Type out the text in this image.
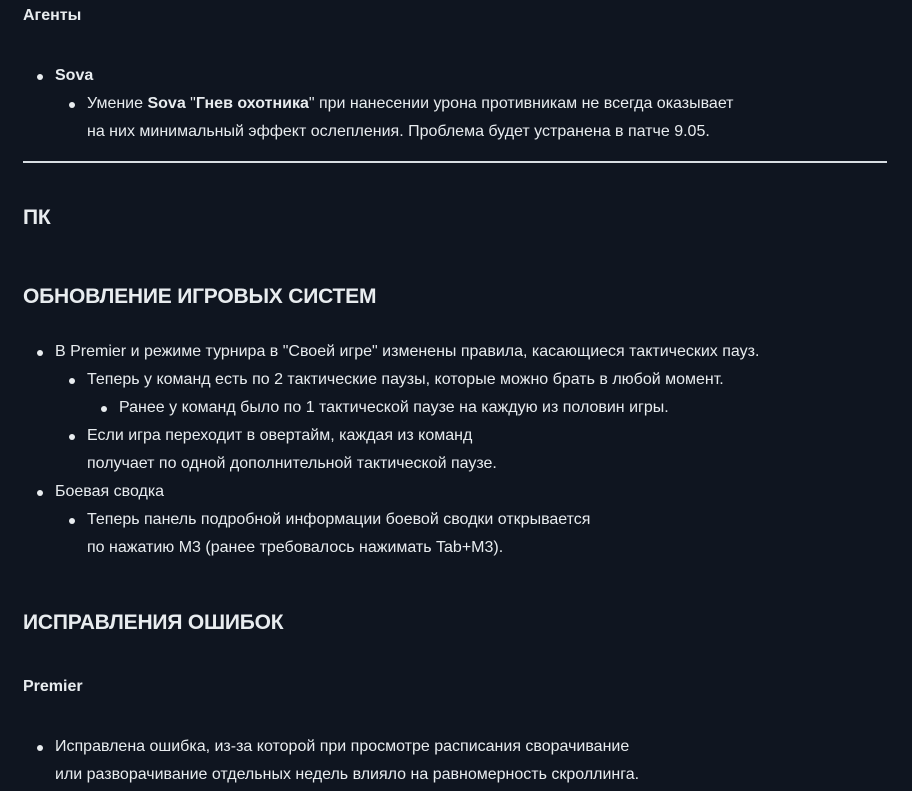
Агенты
Sova
Умение Sova "Гнев охотника" при нанесении урона противникам не всегда оказывает
на них минимальный эффект ослепления. Проблема будет устранена в патче 9.05.
ПК
ОБНОВЛЕНИЕ ИГРОВЫХ СИСТЕМ
В Premier и режиме турнира в "Своей игре" изменены правила, касающиеся тактических пауз.
Теперь у команд есть по 2 тактические паузы, которые можно брать в любой момент.
Ранее у команд было по 1 тактической паузе на каждую из половин игры.
Если игра переходит в овертайм, каждая из команд
получает по одной дополнительной тактической паузе.
Боевая сводка
Теперь панель подробной информации боевой сводки открывается
по нажатию M3 (ранее требовалось нажимать Tab+M3).
ИСПРАВЛЕНИЯ ОШИБОК
Premier
Исправлена ошибка, из-за которой при просмотре расписания сворачивание
или разворачивание отдельных недель влияло на равномерность скроллинга.
